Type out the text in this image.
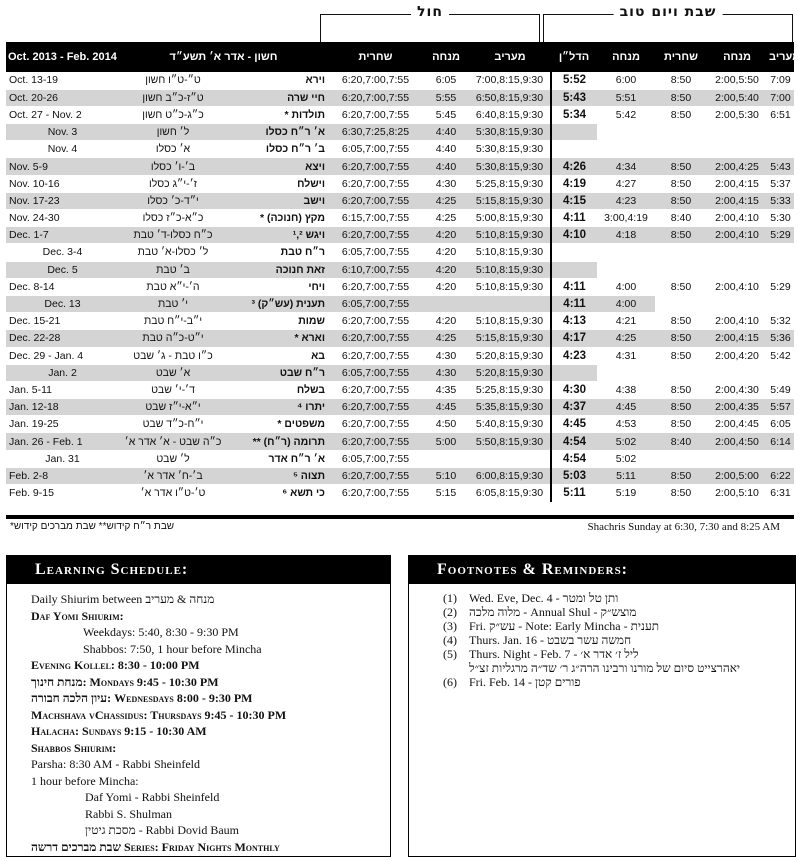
חול	שבת ויום טוב
Oct. 2013 - Feb. 2014	חשון - אדר א׳ תשע״ד		שחרית	מנחה	מעריב	הדל״ן	מנחה	שחרית	מנחה	מעריב
Oct. 13-19	ט״-ט״ו חשון	וירא	6:20,7:00,7:55	6:05	7:00,8:15,9:30	5:52	6:00	8:50	2:00,5:50	7:09
Oct. 20-26	ט״ז-כ״ב חשון	חיי שרה	6:20,7:00,7:55	5:55	6:50,8:15,9:30	5:43	5:51	8:50	2:00,5:40	7:00
Oct. 27 - Nov. 2	כ״ג-כ״ט חשון	תולדות *	6:20,7:00,7:55	5:45	6:40,8:15,9:30	5:34	5:42	8:50	2:00,5:30	6:51
Nov. 3	ל׳ חשון	א׳ ר״ח כסלו	6:30,7:25,8:25	4:40	5:30,8:15,9:30					
Nov. 4	א׳ כסלו	ב׳ ר״ח כסלו	6:05,7:00,7:55	4:40	5:30,8:15,9:30					
Nov. 5-9	ב׳-ו׳ כסלו	ויצא	6:20,7:00,7:55	4:40	5:30,8:15,9:30	4:26	4:34	8:50	2:00,4:25	5:43
Nov. 10-16	ז׳-י״ג כסלו	וישלח	6:20,7:00,7:55	4:30	5:25,8:15,9:30	4:19	4:27	8:50	2:00,4:15	5:37
Nov. 17-23	י״ד-כ׳ כסלו	וישב	6:20,7:00,7:55	4:25	5:15,8:15,9:30	4:15	4:23	8:50	2:00,4:15	5:33
Nov. 24-30	כ״א-כ״ז כסלו	מקץ (חנוכה) *	6:15,7:00,7:55	4:25	5:00,8:15,9:30	4:11	3:00,4:19	8:40	2:00,4:10	5:30
Dec. 1-7	כ״ח כסלו-ד׳ טבת	ויגש ¹,²	6:20,7:00,7:55	4:20	5:10,8:15,9:30	4:10	4:18	8:50	2:00,4:10	5:29
Dec. 3-4	ל׳ כסלו-א׳ טבת	ר״ח טבת	6:05,7:00,7:55	4:20	5:10,8:15,9:30					
Dec. 5	ב׳ טבת	זאת חנוכה	6:10,7:00,7:55	4:20	5:10,8:15,9:30					
Dec. 8-14	ה׳-י״א טבת	ויחי	6:20,7:00,7:55	4:20	5:10,8:15,9:30	4:11	4:00	8:50	2:00,4:10	5:29
Dec. 13	י׳ טבת	תענית (עש״ק) ³	6:05,7:00,7:55			4:11	4:00			
Dec. 15-21	י״ב-י״ח טבת	שמות	6:20,7:00,7:55	4:20	5:10,8:15,9:30	4:13	4:21	8:50	2:00,4:10	5:32
Dec. 22-28	י״ט-כ״ה טבת	וארא *	6:20,7:00,7:55	4:25	5:15,8:15,9:30	4:17	4:25	8:50	2:00,4:15	5:36
Dec. 29 - Jan. 4	כ״ו טבת - ג׳ שבט	בא	6:20,7:00,7:55	4:30	5:20,8:15,9:30	4:23	4:31	8:50	2:00,4:20	5:42
Jan. 2	א׳ שבט	ר״ח שבט	6:05,7:00,7:55	4:30	5:20,8:15,9:30					
Jan. 5-11	ד׳-י׳ שבט	בשלח	6:20,7:00,7:55	4:35	5:25,8:15,9:30	4:30	4:38	8:50	2:00,4:30	5:49
Jan. 12-18	י״א-י״ז שבט	יתרו ⁴	6:20,7:00,7:55	4:45	5:35,8:15,9:30	4:37	4:45	8:50	2:00,4:35	5:57
Jan. 19-25	י״ח-כ״ד שבט	משפטים *	6:20,7:00,7:55	4:50	5:40,8:15,9:30	4:45	4:53	8:50	2:00,4:45	6:05
Jan. 26 - Feb. 1	כ״ה שבט - א׳ אדר א׳	תרומה (ר״ח) **	6:20,7:00,7:55	5:00	5:50,8:15,9:30	4:54	5:02	8:40	2:00,4:50	6:14
Jan. 31	ל׳ שבט	א׳ ר״ח אדר	6:05,7:00,7:55			4:54	5:02			
Feb. 2-8	ב׳-ח׳ אדר א׳	תצוה ⁵	6:20,7:00,7:55	5:10	6:00,8:15,9:30	5:03	5:11	8:50	2:00,5:00	6:22
Feb. 9-15	ט׳-ט״ו אדר א׳	כי תשא ⁶	6:20,7:00,7:55	5:15	6:05,8:15,9:30	5:11	5:19	8:50	2:00,5:10	6:31
שבת ר״ח קידוש** שבת מברכים קידוש*	Shachris Sunday at 6:30, 7:30 and 8:25 AM
Learning Schedule:
Daily Shiurim between מנחה & מעריב
Daf Yomi Shiurim:
Weekdays: 5:40, 8:30 - 9:30 PM
Shabbos: 7:50, 1 hour before Mincha
Evening Kollel: 8:30 - 10:00 PM
מנחת חינוך: Mondays 9:45 - 10:30 PM
עיון הלכה חבורה: Wednesdays 8:00 - 9:30 PM
Machshava vChassidus: Thursdays 9:45 - 10:30 PM
Halacha: Sundays 9:15 - 10:30 AM
Shabbos Shiurim:
Parsha: 8:30 AM - Rabbi Sheinfeld
1 hour before Mincha:
Daf Yomi - Rabbi Sheinfeld
Rabbi S. Shulman
מסכת גיטין - Rabbi Dovid Baum
שבת מברכים דרשה Series: Friday Nights Monthly
Footnotes & Reminders:
(1) Wed. Eve, Dec. 4 - ותן טל ומטר
(2) מלוה מלכה - Annual Shul - מוצש״ק
(3) Fri. עש״ק - Note: Early Mincha - תענית
(4) Thurs. Jan. 16 - חמשה עשר בשבט
(5) Thurs. Night - Feb. 7 - ליל ז׳ אדר א׳
יאהרצייט סיום של מורנו ורבינו הרה״ג ר׳ שד״ה מרגליות זצ״ל
(6) Fri. Feb. 14 - פורים קטן
